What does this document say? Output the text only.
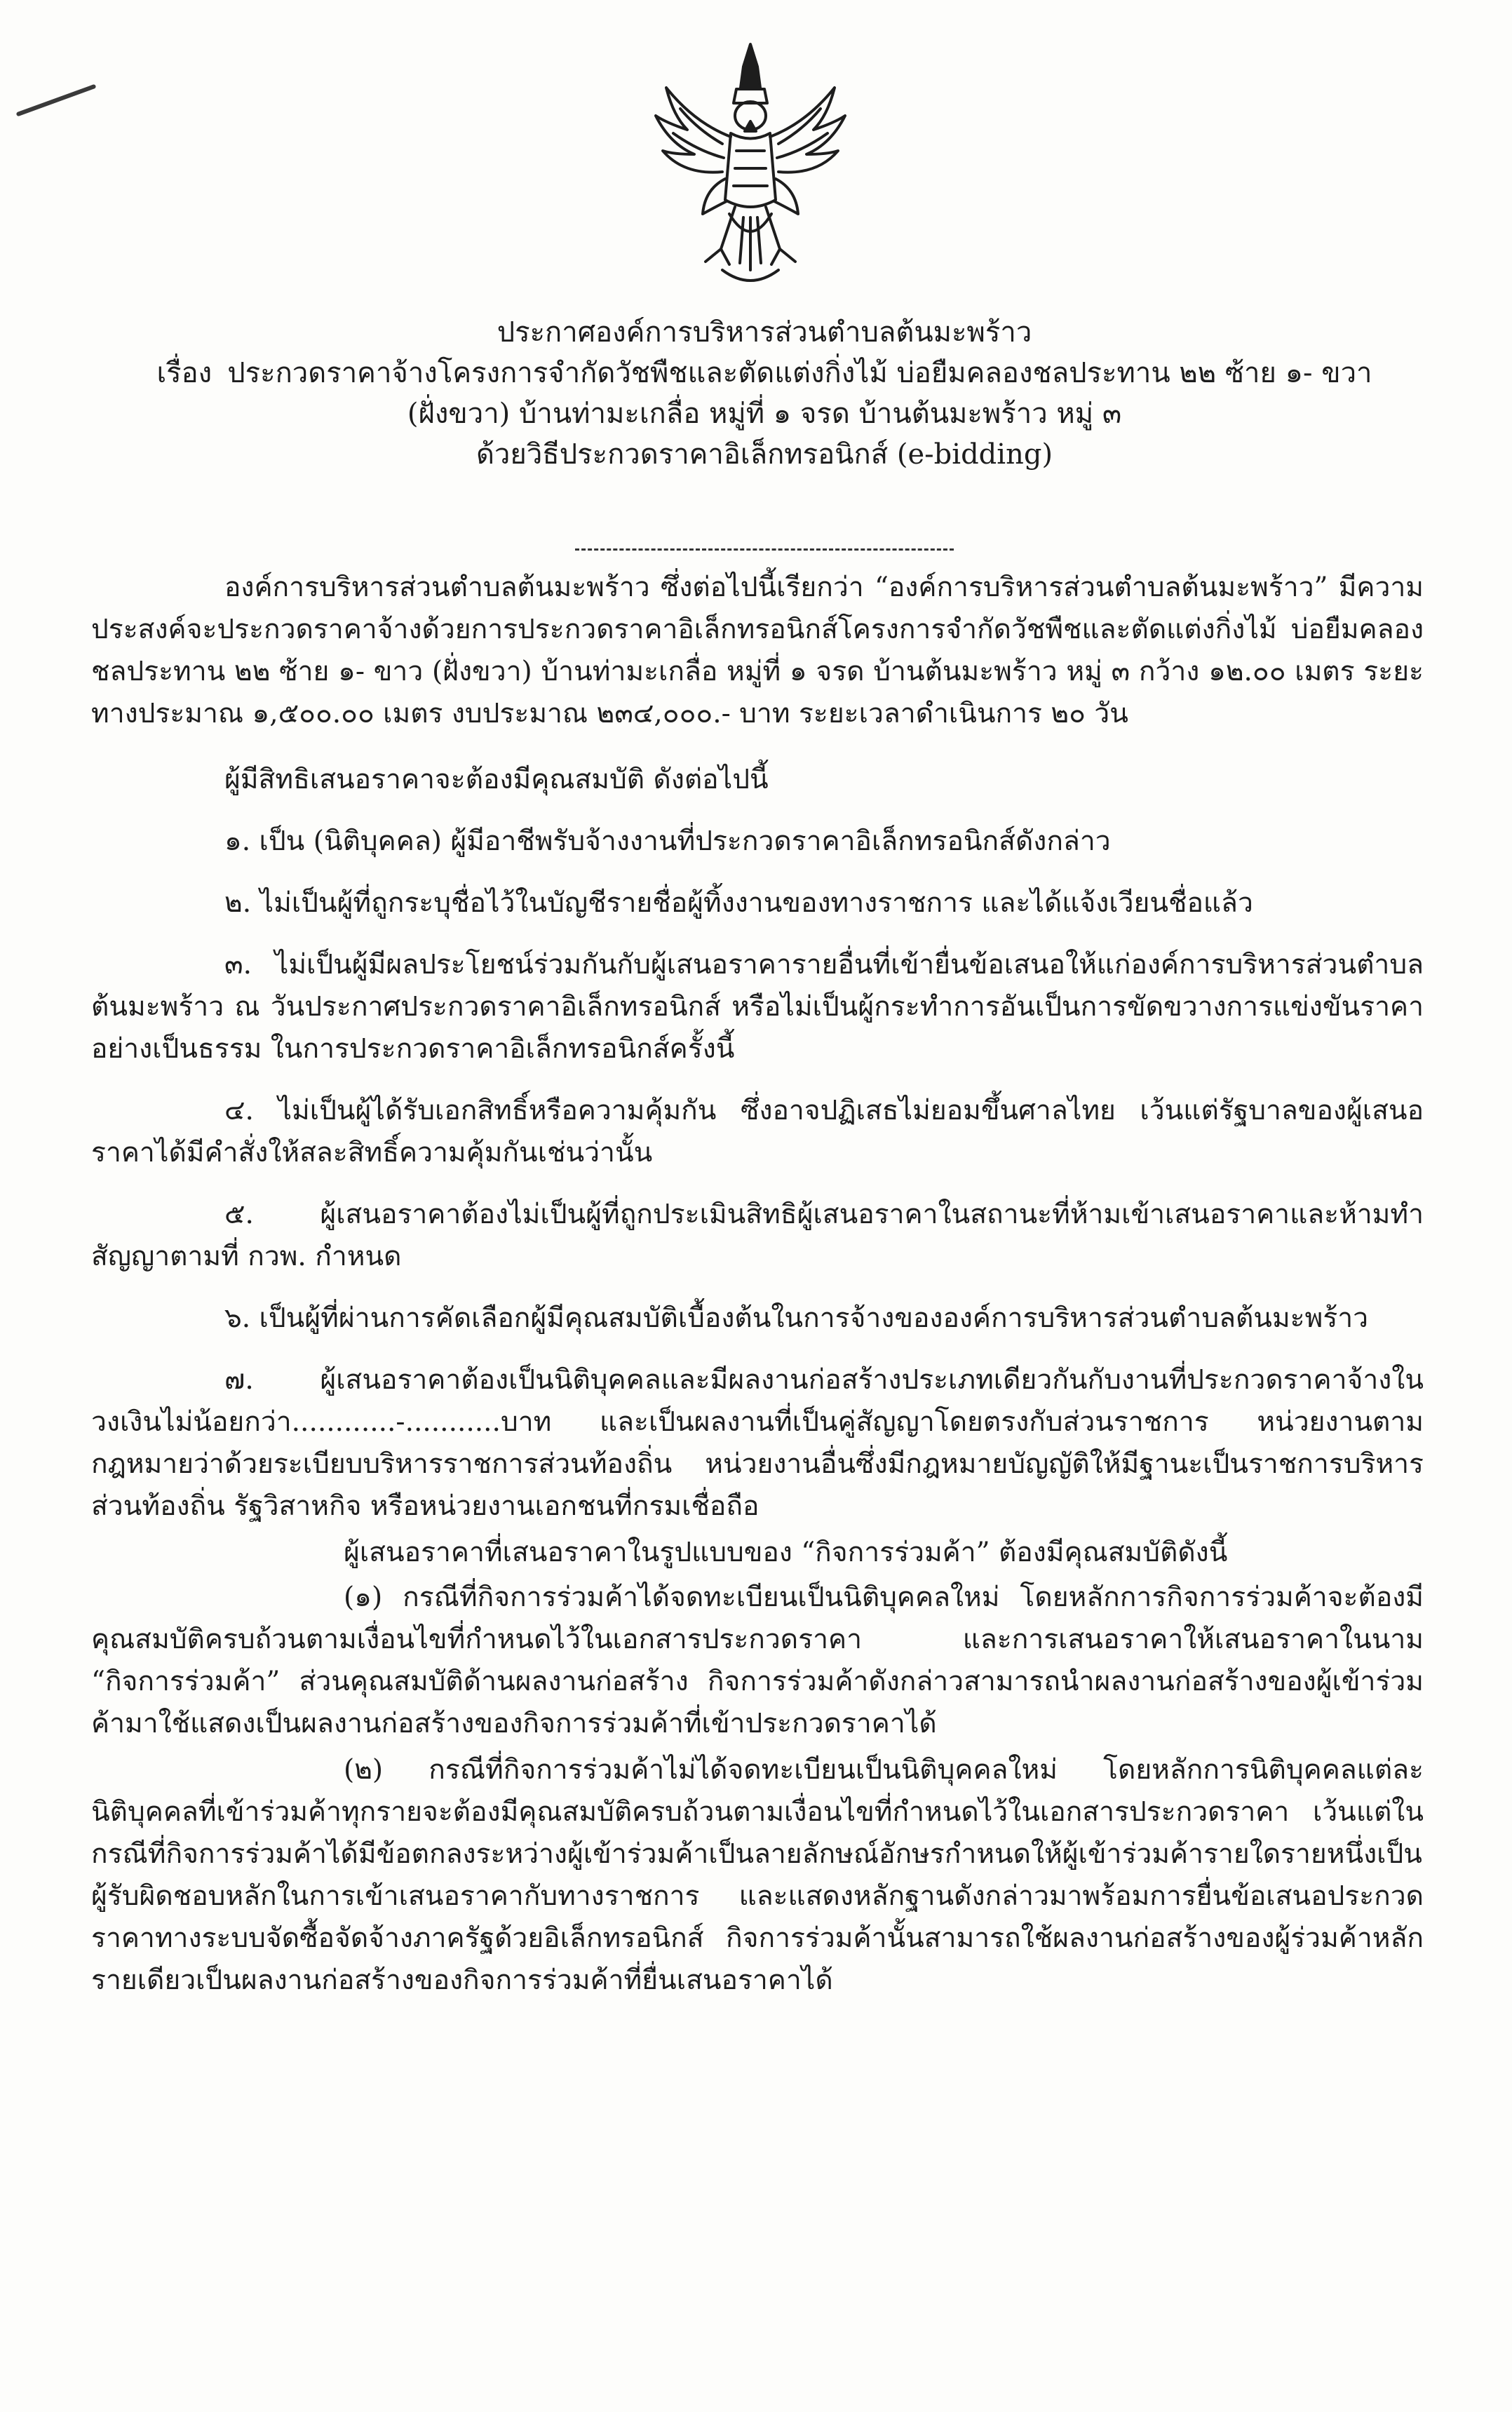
ประกาศองค์การบริหารส่วนตำบลต้นมะพร้าว
เรื่อง ประกวดราคาจ้างโครงการจำกัดวัชพืชและตัดแต่งกิ่งไม้ บ่อยืมคลองชลประทาน ๒๒ ซ้าย ๑- ขวา
(ฝั่งขวา) บ้านท่ามะเกลื่อ หมู่ที่ ๑ จรด บ้านต้นมะพร้าว หมู่ ๓
ด้วยวิธีประกวดราคาอิเล็กทรอนิกส์ (e-bidding)

องค์การบริหารส่วนตำบลต้นมะพร้าว ซึ่งต่อไปนี้เรียกว่า “องค์การบริหารส่วนตำบลต้นมะพร้าว” มีความประสงค์จะประกวดราคาจ้างด้วยการประกวดราคาอิเล็กทรอนิกส์โครงการจำกัดวัชพืชและตัดแต่งกิ่งไม้ บ่อยืมคลองชลประทาน ๒๒ ซ้าย ๑- ขาว (ฝั่งขวา) บ้านท่ามะเกลื่อ หมู่ที่ ๑ จรด บ้านต้นมะพร้าว หมู่ ๓ กว้าง ๑๒.๐๐ เมตร ระยะทางประมาณ ๑,๕๐๐.๐๐ เมตร งบประมาณ ๒๓๔,๐๐๐.- บาท ระยะเวลาดำเนินการ ๒๐ วัน

ผู้มีสิทธิเสนอราคาจะต้องมีคุณสมบัติ ดังต่อไปนี้

๑. เป็น (นิติบุคคล) ผู้มีอาชีพรับจ้างงานที่ประกวดราคาอิเล็กทรอนิกส์ดังกล่าว

๒. ไม่เป็นผู้ที่ถูกระบุชื่อไว้ในบัญชีรายชื่อผู้ทิ้งงานของทางราชการ และได้แจ้งเวียนชื่อแล้ว

๓. ไม่เป็นผู้มีผลประโยชน์ร่วมกันกับผู้เสนอราคารายอื่นที่เข้ายื่นข้อเสนอให้แก่องค์การบริหารส่วนตำบลต้นมะพร้าว ณ วันประกาศประกวดราคาอิเล็กทรอนิกส์ หรือไม่เป็นผู้กระทำการอันเป็นการขัดขวางการแข่งขันราคาอย่างเป็นธรรม ในการประกวดราคาอิเล็กทรอนิกส์ครั้งนี้

๔. ไม่เป็นผู้ได้รับเอกสิทธิ์หรือความคุ้มกัน ซึ่งอาจปฏิเสธไม่ยอมขึ้นศาลไทย เว้นแต่รัฐบาลของผู้เสนอราคาได้มีคำสั่งให้สละสิทธิ์ความคุ้มกันเช่นว่านั้น

๕. ผู้เสนอราคาต้องไม่เป็นผู้ที่ถูกประเมินสิทธิผู้เสนอราคาในสถานะที่ห้ามเข้าเสนอราคาและห้ามทำสัญญาตามที่ กวพ. กำหนด

๖. เป็นผู้ที่ผ่านการคัดเลือกผู้มีคุณสมบัติเบื้องต้นในการจ้างขององค์การบริหารส่วนตำบลต้นมะพร้าว

๗. ผู้เสนอราคาต้องเป็นนิติบุคคลและมีผลงานก่อสร้างประเภทเดียวกันกับงานที่ประกวดราคาจ้างในวงเงินไม่น้อยกว่า............-...........บาท และเป็นผลงานที่เป็นคู่สัญญาโดยตรงกับส่วนราชการ หน่วยงานตามกฎหมายว่าด้วยระเบียบบริหารราชการส่วนท้องถิ่น หน่วยงานอื่นซึ่งมีกฎหมายบัญญัติให้มีฐานะเป็นราชการบริหารส่วนท้องถิ่น รัฐวิสาหกิจ หรือหน่วยงานเอกชนที่กรมเชื่อถือ

ผู้เสนอราคาที่เสนอราคาในรูปแบบของ “กิจการร่วมค้า” ต้องมีคุณสมบัติดังนี้

(๑) กรณีที่กิจการร่วมค้าได้จดทะเบียนเป็นนิติบุคคลใหม่ โดยหลักการกิจการร่วมค้าจะต้องมีคุณสมบัติครบถ้วนตามเงื่อนไขที่กำหนดไว้ในเอกสารประกวดราคา และการเสนอราคาให้เสนอราคาในนาม “กิจการร่วมค้า” ส่วนคุณสมบัติด้านผลงานก่อสร้าง กิจการร่วมค้าดังกล่าวสามารถนำผลงานก่อสร้างของผู้เข้าร่วมค้ามาใช้แสดงเป็นผลงานก่อสร้างของกิจการร่วมค้าที่เข้าประกวดราคาได้

(๒) กรณีที่กิจการร่วมค้าไม่ได้จดทะเบียนเป็นนิติบุคคลใหม่ โดยหลักการนิติบุคคลแต่ละนิติบุคคลที่เข้าร่วมค้าทุกรายจะต้องมีคุณสมบัติครบถ้วนตามเงื่อนไขที่กำหนดไว้ในเอกสารประกวดราคา เว้นแต่ในกรณีที่กิจการร่วมค้าได้มีข้อตกลงระหว่างผู้เข้าร่วมค้าเป็นลายลักษณ์อักษรกำหนดให้ผู้เข้าร่วมค้ารายใดรายหนึ่งเป็นผู้รับผิดชอบหลักในการเข้าเสนอราคากับทางราชการ และแสดงหลักฐานดังกล่าวมาพร้อมการยื่นข้อเสนอประกวดราคาทางระบบจัดซื้อจัดจ้างภาครัฐด้วยอิเล็กทรอนิกส์ กิจการร่วมค้านั้นสามารถใช้ผลงานก่อสร้างของผู้ร่วมค้าหลักรายเดียวเป็นผลงานก่อสร้างของกิจการร่วมค้าที่ยื่นเสนอราคาได้
